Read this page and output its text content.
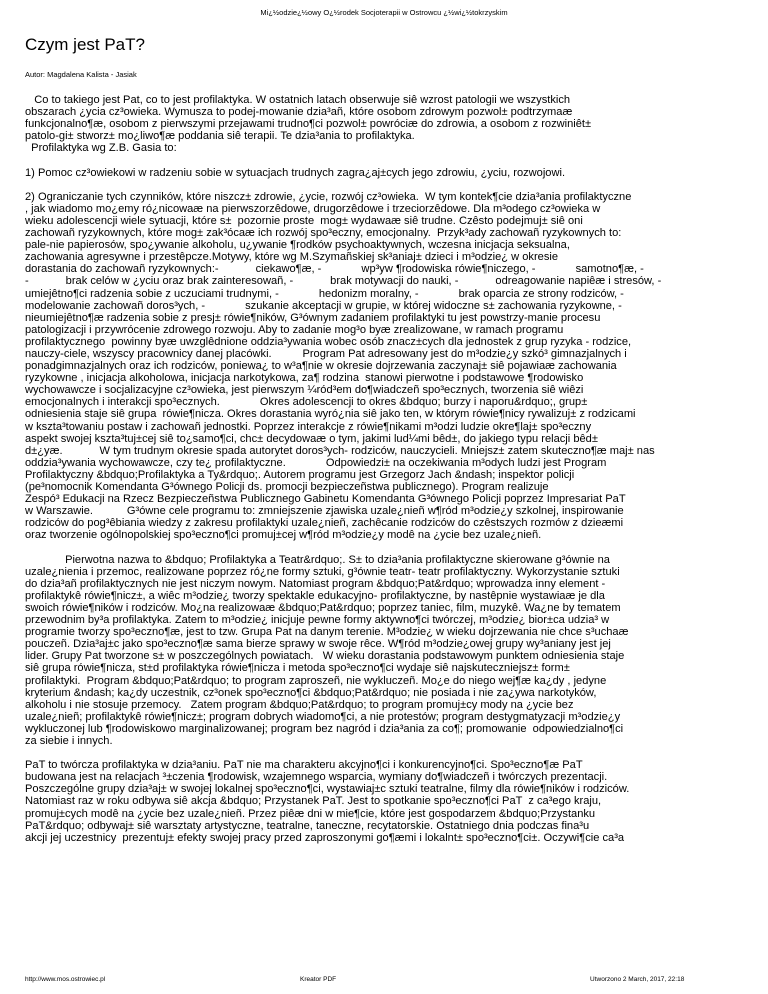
Mi¿½odzie¿½owy O¿½rodek Socjoterapii w Ostrowcu ¿½wi¿½tokrzyskim
Czym jest PaT?
Autor: Magdalena Kalista - Jasiak
Co to takiego jest Pat, co to jest profilaktyka. W ostatnich latach obserwuje siê wzrost patologii we wszystkich
obszarach ¿ycia cz³owieka. Wymusza to podej-mowanie dzia³añ, które osobom zdrowym pozwol± podtrzymaæ
funkcjonalno¶æ, osobom z pierwszymi przejawami trudno¶ci pozwol± powróciæ do zdrowia, a osobom z rozwiniêt±
patolo-gi± stworz± mo¿liwo¶æ poddania siê terapii. Te dzia³ania to profilaktyka.
Profilaktyka wg Z.B. Gasia to:
1) Pomoc cz³owiekowi w radzeniu sobie w sytuacjach trudnych zagra¿aj±cych jego zdrowiu, ¿yciu, rozwojowi.
2) Ograniczanie tych czynników, które niszcz± zdrowie, ¿ycie, rozwój cz³owieka.  W tym kontek¶cie dzia³ania profilaktyczne
, jak wiadomo mo¿emy ró¿nicowaæ na pierwszorzêdowe, drugorzêdowe i trzeciorzêdowe. Dla m³odego cz³owieka w
wieku adolescencji wiele sytuacji, które s±  pozornie proste  mog± wydawaæ siê trudne. Czêsto podejmuj± siê oni
zachowañ ryzykownych, które mog± zak³ócaæ ich rozwój spo³eczny, emocjonalny.  Przyk³ady zachowañ ryzykownych to:
pale-nie papierosów, spo¿ywanie alkoholu, u¿ywanie ¶rodków psychoaktywnych, wczesna inicjacja seksualna,
zachowania agresywne i przestêpcze.Motywy, które wg M.Szymañskiej sk³aniaj± dzieci i m³odzie¿ w okresie
dorastania do zachowañ ryzykownych:-            ciekawo¶æ, -             wp³yw ¶rodowiska rówie¶niczego, -             samotno¶æ, -
-            brak celów w ¿yciu oraz brak zainteresowañ, -            brak motywacji do nauki, -            odreagowanie napiêæ i stresów, -
umiejêtno¶ci radzenia sobie z uczuciami trudnymi, -             hedonizm moralny, -             brak oparcia ze strony rodziców, -
modelowanie zachowañ doros³ych, -             szukanie akceptacji w grupie, w której widoczne s± zachowania ryzykowne, -
nieumiejêtno¶æ radzenia sobie z presj± rówie¶ników, G³ównym zadaniem profilaktyki tu jest powstrzy-manie procesu
patologizacji i przywrócenie zdrowego rozwoju. Aby to zadanie mog³o byæ zrealizowane, w ramach programu
profilaktycznego  powinny byæ uwzglêdnione oddzia³ywania wobec osób znacz±cych dla jednostek z grup ryzyka - rodzice,
nauczy-ciele, wszyscy pracownicy danej placówki.          Program Pat adresowany jest do m³odzie¿y szkó³ gimnazjalnych i
ponadgimnazjalnych oraz ich rodziców, poniewa¿ to w³a¶nie w okresie dojrzewania zaczynaj± siê pojawiaæ zachowania
ryzykowne , inicjacja alkoholowa, inicjacja narkotykowa, za¶ rodzina  stanowi pierwotne i podstawowe ¶rodowisko
wychowawcze i socjalizacyjne cz³owieka, jest pierwszym ¼ród³em do¶wiadczeñ spo³ecznych, tworzenia siê wiêzi
emocjonalnych i interakcji spo³ecznych.             Okres adolescencji to okres &bdquo; burzy i naporu&rdquo;, grup±
odniesienia staje siê grupa  rówie¶nicza. Okres dorastania wyró¿nia siê jako ten, w którym rówie¶nicy rywalizuj± z rodzicami
w kszta³towaniu postaw i zachowañ jednostki. Poprzez interakcje z rówie¶nikami m³odzi ludzie okre¶laj± spo³eczny
aspekt swojej kszta³tuj±cej siê to¿samo¶ci, chc± decydowaæ o tym, jakimi lud¼mi bêd±, do jakiego typu relacji bêd±
d±¿yæ.            W tym trudnym okresie spada autorytet doros³ych- rodziców, nauczycieli. Mniejsz± zatem skuteczno¶æ maj± nas
oddzia³ywania wychowawcze, czy te¿ profilaktyczne.             Odpowiedzi± na oczekiwania m³odych ludzi jest Program
Profilaktyczny &bdquo;Profilaktyka a Ty&rdquo;. Autorem programu jest Grzegorz Jach &ndash; inspektor policji
(pe³nomocnik Komendanta G³ównego Policji ds. promocji bezpieczeñstwa publicznego). Program realizuje
Zespó³ Edukacji na Rzecz Bezpieczeñstwa Publicznego Gabinetu Komendanta G³ównego Policji poprzez Impresariat PaT
w Warszawie.           G³ówne cele programu to: zmniejszenie zjawiska uzale¿nieñ w¶ród m³odzie¿y szkolnej, inspirowanie
rodziców do pog³êbiania wiedzy z zakresu profilaktyki uzale¿nieñ, zachêcanie rodziców do czêstszych rozmów z dzieæmi
oraz tworzenie ogólnopolskiej spo³eczno¶ci promuj±cej w¶ród m³odzie¿y modê na ¿ycie bez uzale¿nieñ.
Pierwotna nazwa to &bdquo; Profilaktyka a Teatr&rdquo;. S± to dzia³ania profilaktyczne skierowane g³ównie na
uzale¿nienia i przemoc, realizowane poprzez ró¿ne formy sztuki, g³ównie teatr- teatr profilaktyczny. Wykorzystanie sztuki
do dzia³añ profilaktycznych nie jest niczym nowym. Natomiast program &bdquo;Pat&rdquo; wprowadza inny element -
profilaktykê rówie¶nicz±, a wiêc m³odzie¿ tworzy spektakle edukacyjno- profilaktyczne, by nastêpnie wystawiaæ je dla
swoich rówie¶ników i rodziców. Mo¿na realizowaæ &bdquo;Pat&rdquo; poprzez taniec, film, muzykê. Wa¿ne by tematem
przewodnim by³a profilaktyka. Zatem to m³odzie¿ inicjuje pewne formy aktywno¶ci twórczej, m³odzie¿ bior±ca udzia³ w
programie tworzy spo³eczno¶æ, jest to tzw. Grupa Pat na danym terenie. M³odzie¿ w wieku dojrzewania nie chce s³uchaæ
pouczeñ. Dzia³aj±c jako spo³eczno¶æ sama bierze sprawy w swoje rêce. W¶ród m³odzie¿owej grupy wy³aniany jest jej
lider. Grupy Pat tworzone s± w poszczególnych powiatach.   W wieku dorastania podstawowym punktem odniesienia staje
siê grupa rówie¶nicza, st±d profilaktyka rówie¶nicza i metoda spo³eczno¶ci wydaje siê najskuteczniejsz± form±
profilaktyki.  Program &bdquo;Pat&rdquo; to program zaproszeñ, nie wykluczeñ. Mo¿e do niego wej¶æ ka¿dy , jedyne
kryterium &ndash; ka¿dy uczestnik, cz³onek spo³eczno¶ci &bdquo;Pat&rdquo; nie posiada i nie za¿ywa narkotyków,
alkoholu i nie stosuje przemocy.   Zatem program &bdquo;Pat&rdquo; to program promuj±cy mody na ¿ycie bez
uzale¿nieñ; profilaktykê rówie¶nicz±; program dobrych wiadomo¶ci, a nie protestów; program destygmatyzacji m³odzie¿y
wykluczonej lub ¶rodowiskowo marginalizowanej; program bez nagród i dzia³ania za co¶; promowanie  odpowiedzialno¶ci
za siebie i innych.
PaT to twórcza profilaktyka w dzia³aniu. PaT nie ma charakteru akcyjno¶ci i konkurencyjno¶ci. Spo³eczno¶æ PaT
budowana jest na relacjach ³±czenia ¶rodowisk, wzajemnego wsparcia, wymiany do¶wiadczeñ i twórczych prezentacji.
Poszczególne grupy dzia³aj± w swojej lokalnej spo³eczno¶ci, wystawiaj±c sztuki teatralne, filmy dla rówie¶ników i rodziców.
Natomiast raz w roku odbywa siê akcja &bdquo; Przystanek PaT. Jest to spotkanie spo³eczno¶ci PaT  z ca³ego kraju,
promuj±cych modê na ¿ycie bez uzale¿nieñ. Przez piêæ dni w mie¶cie, które jest gospodarzem &bdquo;Przystanku
PaT&rdquo; odbywaj± siê warsztaty artystyczne, teatralne, taneczne, recytatorskie. Ostatniego dnia podczas fina³u
akcji jej uczestnicy  prezentuj± efekty swojej pracy przed zaproszonymi go¶æmi i lokalnt± spo³eczno¶ci±. Oczywi¶cie ca³a
http://www.mos.ostrowiec.pl	Kreator PDF	Utworzono 2 March, 2017, 22:18
